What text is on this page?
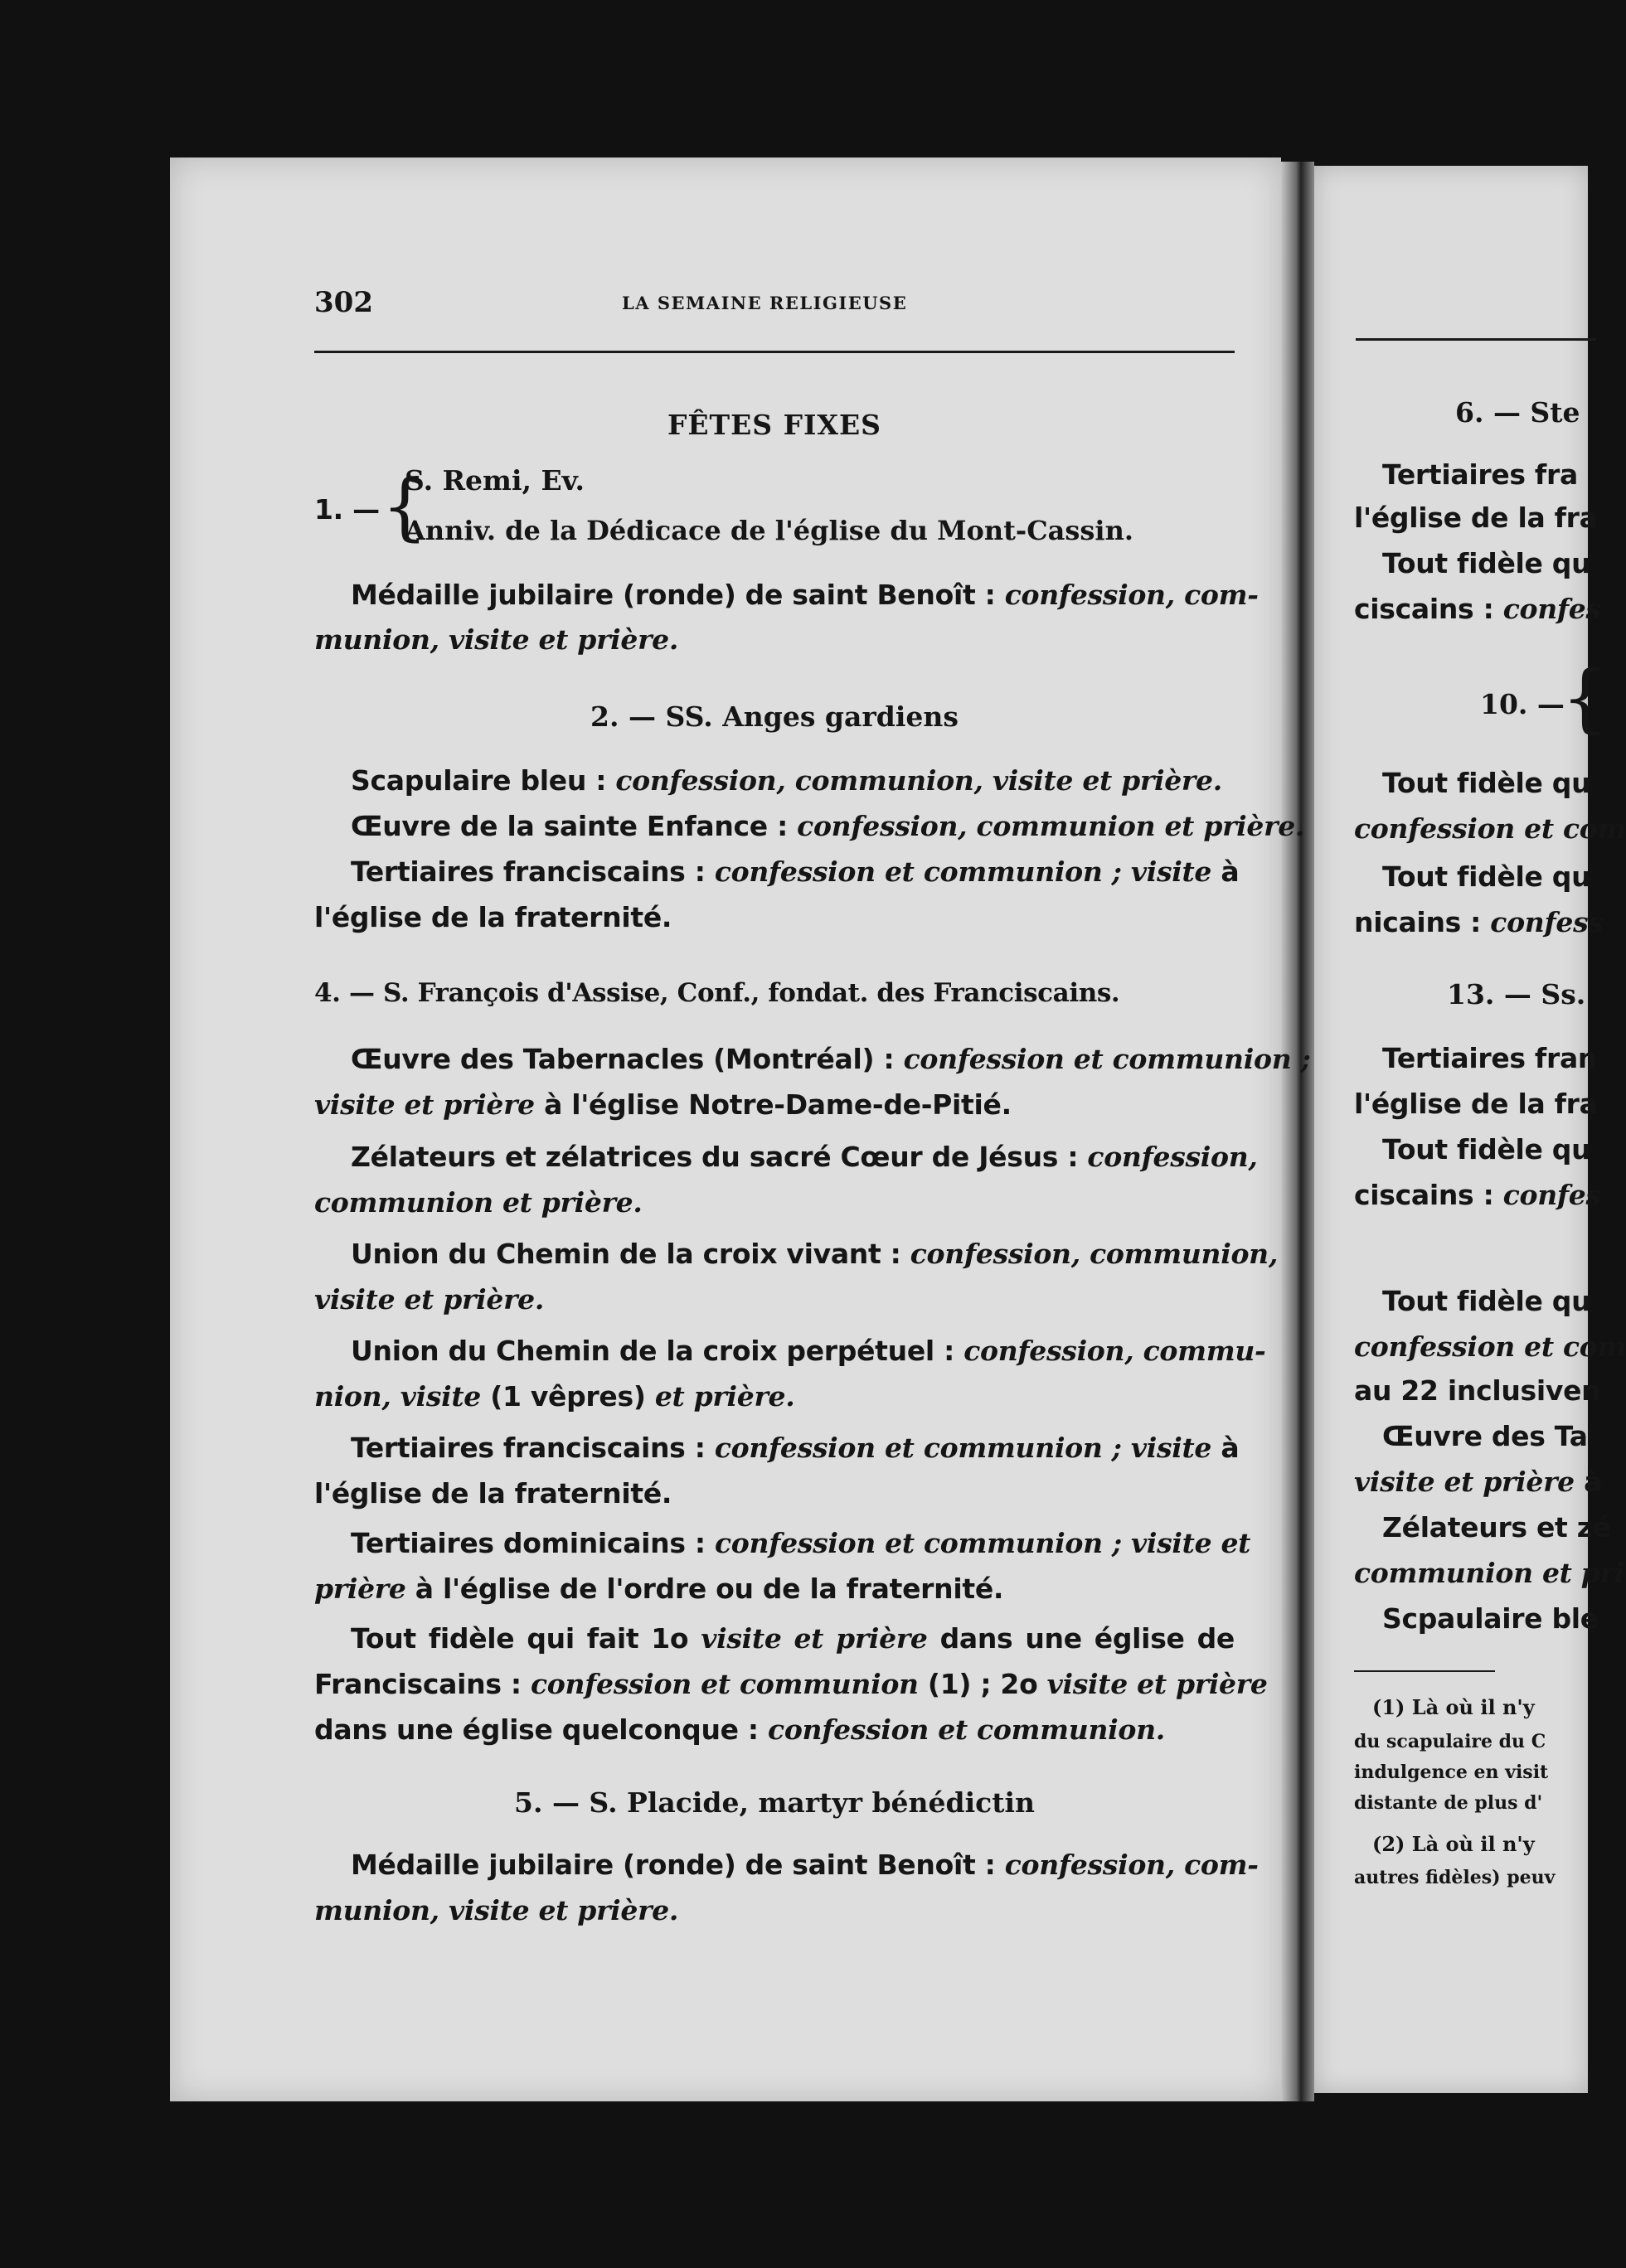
302	LA SEMAINE RELIGIEUSE
FÊTES FIXES
1. — {
S. Remi, Ev.
Anniv. de la Dédicace de l'église du Mont-Cassin.
Médaille jubilaire (ronde) de saint Benoît : confession, com-
munion, visite et prière.
2. — SS. Anges gardiens
Scapulaire bleu : confession, communion, visite et prière.
Œuvre de la sainte Enfance : confession, communion et prière.
Tertiaires franciscains : confession et communion ; visite à
l'église de la fraternité.
4. — S. François d'Assise, Conf., fondat. des Franciscains.
Œuvre des Tabernacles (Montréal) : confession et communion ;
visite et prière à l'église Notre-Dame-de-Pitié.
Zélateurs et zélatrices du sacré Cœur de Jésus : confession,
communion et prière.
Union du Chemin de la croix vivant : confession, communion,
visite et prière.
Union du Chemin de la croix perpétuel : confession, commu-
nion, visite (1 vêpres) et prière.
Tertiaires franciscains : confession et communion ; visite à
l'église de la fraternité.
Tertiaires dominicains : confession et communion ; visite et
prière à l'église de l'ordre ou de la fraternité.
Tout fidèle qui fait 1o visite et prière dans une église de
Franciscains : confession et communion (1) ; 2o visite et prière
dans une église quelconque : confession et communion.
5. — S. Placide, martyr bénédictin
Médaille jubilaire (ronde) de saint Benoît : confession, com-
munion, visite et prière.
6. — Ste
Tertiaires fra
l'église de la fra
Tout fidèle qu
ciscains : confes
10. —
{
Tout fidèle qu
confession et com
Tout fidèle qu
nicains : confess
13. — Ss.
Tertiaires fran
l'église de la fra
Tout fidèle qu
ciscains : confes
Tout fidèle qu
confession et com
au 22 inclusiven
Œuvre des Ta
visite et prière à
Zélateurs et zé
communion et pri
Scpaulaire ble
(1) Là où il n'y
du scapulaire du C
indulgence en visit
distante de plus d'
(2) Là où il n'y
autres fidèles) peuv
